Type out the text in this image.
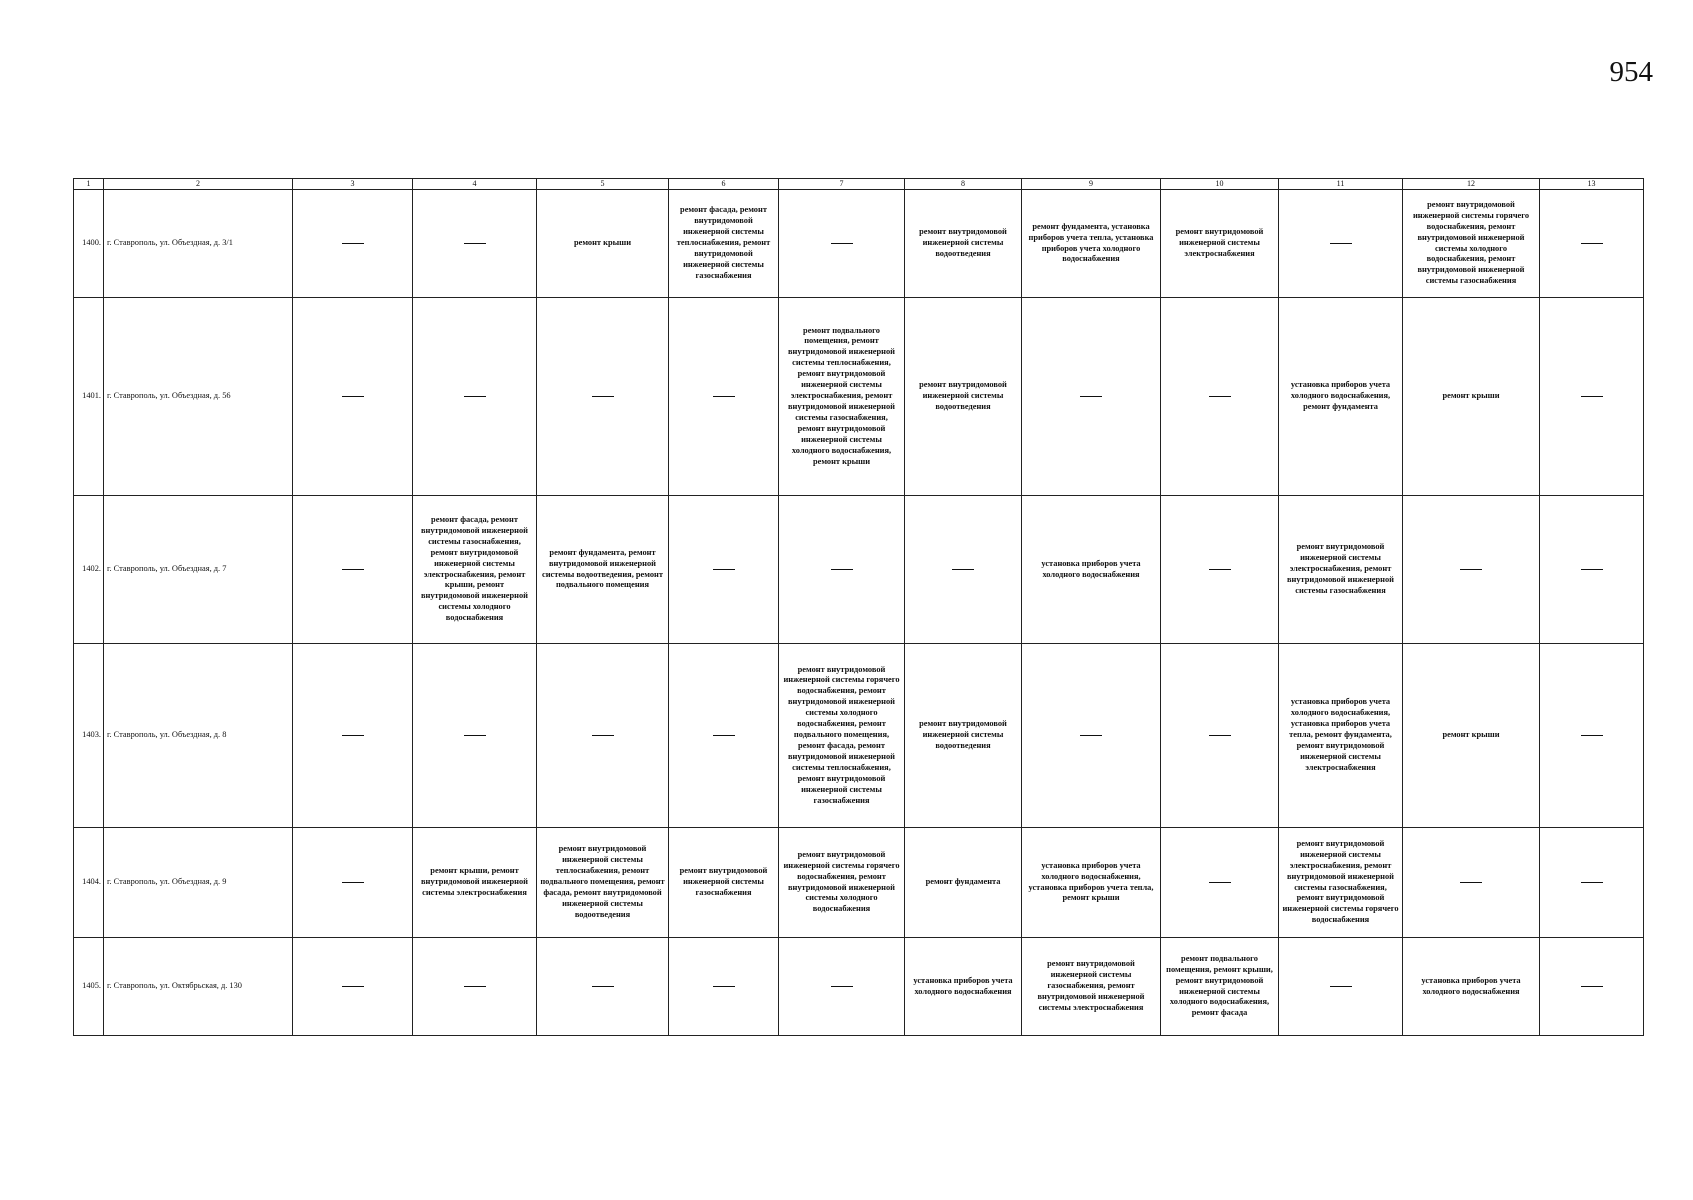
954
1	2	3	4	5	6	7	8	9	10	11	12	13
1400.	г. Ставрополь, ул. Объездная, д. 3/1			ремонт крыши	ремонт фасада, ремонт внутридомовой инженерной системы теплоснабжения, ремонт внутридомовой инженерной системы газоснабжения		ремонт внутридомовой инженерной системы водоотведения	ремонт фундамента, установка приборов учета тепла, установка приборов учета холодного водоснабжения	ремонт внутридомовой инженерной системы электроснабжения		ремонт внутридомовой инженерной системы горячего водоснабжения, ремонт внутридомовой инженерной системы холодного водоснабжения, ремонт внутридомовой инженерной системы газоснабжения	
1401.	г. Ставрополь, ул. Объездная, д. 56					ремонт подвального помещения, ремонт внутридомовой инженерной системы теплоснабжения, ремонт внутридомовой инженерной системы электроснабжения, ремонт внутридомовой инженерной системы газоснабжения, ремонт внутридомовой инженерной системы холодного водоснабжения, ремонт крыши	ремонт внутридомовой инженерной системы водоотведения			установка приборов учета холодного водоснабжения, ремонт фундамента	ремонт крыши	
1402.	г. Ставрополь, ул. Объездная, д. 7		ремонт фасада, ремонт внутридомовой инженерной системы газоснабжения, ремонт внутридомовой инженерной системы электроснабжения, ремонт крыши, ремонт внутридомовой инженерной системы холодного водоснабжения	ремонт фундамента, ремонт внутридомовой инженерной системы водоотведения, ремонт подвального помещения				установка приборов учета холодного водоснабжения		ремонт внутридомовой инженерной системы электроснабжения, ремонт внутридомовой инженерной системы газоснабжения		
1403.	г. Ставрополь, ул. Объездная, д. 8					ремонт внутридомовой инженерной системы горячего водоснабжения, ремонт внутридомовой инженерной системы холодного водоснабжения, ремонт подвального помещения, ремонт фасада, ремонт внутридомовой инженерной системы теплоснабжения, ремонт внутридомовой инженерной системы газоснабжения	ремонт внутридомовой инженерной системы водоотведения			установка приборов учета холодного водоснабжения, установка приборов учета тепла, ремонт фундамента, ремонт внутридомовой инженерной системы электроснабжения	ремонт крыши	
1404.	г. Ставрополь, ул. Объездная, д. 9		ремонт крыши, ремонт внутридомовой инженерной системы электроснабжения	ремонт внутридомовой инженерной системы теплоснабжения, ремонт подвального помещения, ремонт фасада, ремонт внутридомовой инженерной системы водоотведения	ремонт внутридомовой инженерной системы газоснабжения	ремонт внутридомовой инженерной системы горячего водоснабжения, ремонт внутридомовой инженерной системы холодного водоснабжения	ремонт фундамента	установка приборов учета холодного водоснабжения, установка приборов учета тепла, ремонт крыши		ремонт внутридомовой инженерной системы электроснабжения, ремонт внутридомовой инженерной системы газоснабжения, ремонт внутридомовой инженерной системы горячего водоснабжения		
1405.	г. Ставрополь, ул. Октябрьская, д. 130						установка приборов учета холодного водоснабжения	ремонт внутридомовой инженерной системы газоснабжения, ремонт внутридомовой инженерной системы электроснабжения	ремонт подвального помещения, ремонт крыши, ремонт внутридомовой инженерной системы холодного водоснабжения, ремонт фасада		установка приборов учета холодного водоснабжения	
